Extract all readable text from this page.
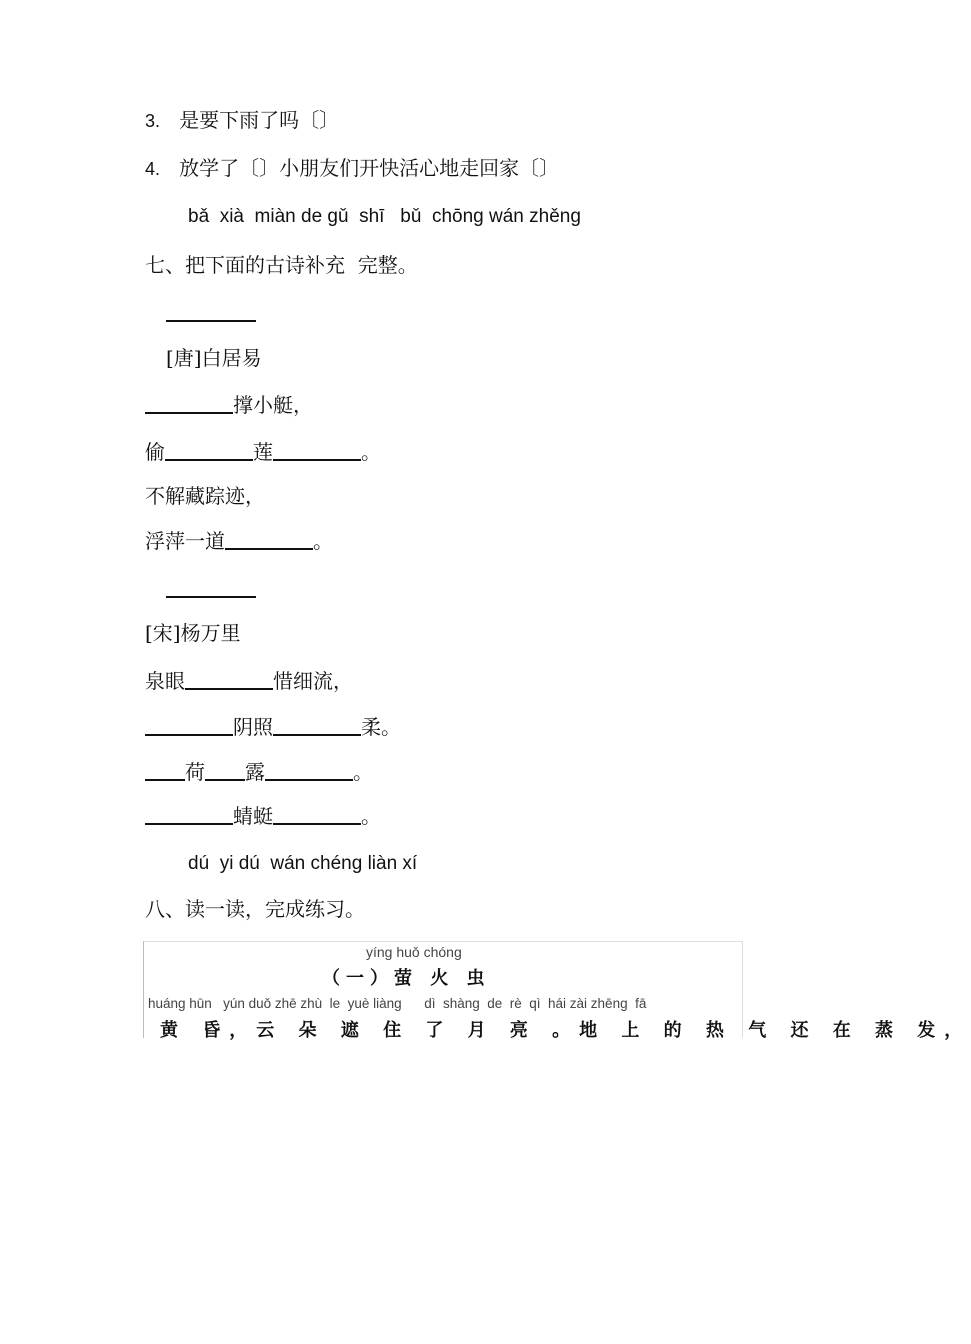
3. 是要下雨了吗〔〕
4. 放学了〔〕小朋友们开快活心地走回家〔〕
bǎ  xià  miàn de gǔ  shī   bǔ  chōng wán zhěng
七、把下面的古诗补充  完整。
[唐]白居易
撑小艇，
偷	莲	。
不解藏踪迹，
浮萍一道	。
[宋]杨万里
泉眼	惜细流，
阴照	柔。
荷 露	。
蜻蜓	。
dú  yi dú  wán chéng liàn xí
八、读一读，完成练习。
yíng huǒ chóng
（一）萤 火 虫
huáng hūn   yún duǒ zhē zhù  le  yuè liàng      dì  shàng  de  rè  qì  hái zài zhēng  fā
黄 昏，云 朵 遮 住 了 月 亮 。地 上 的 热 气 还 在 蒸 发，
